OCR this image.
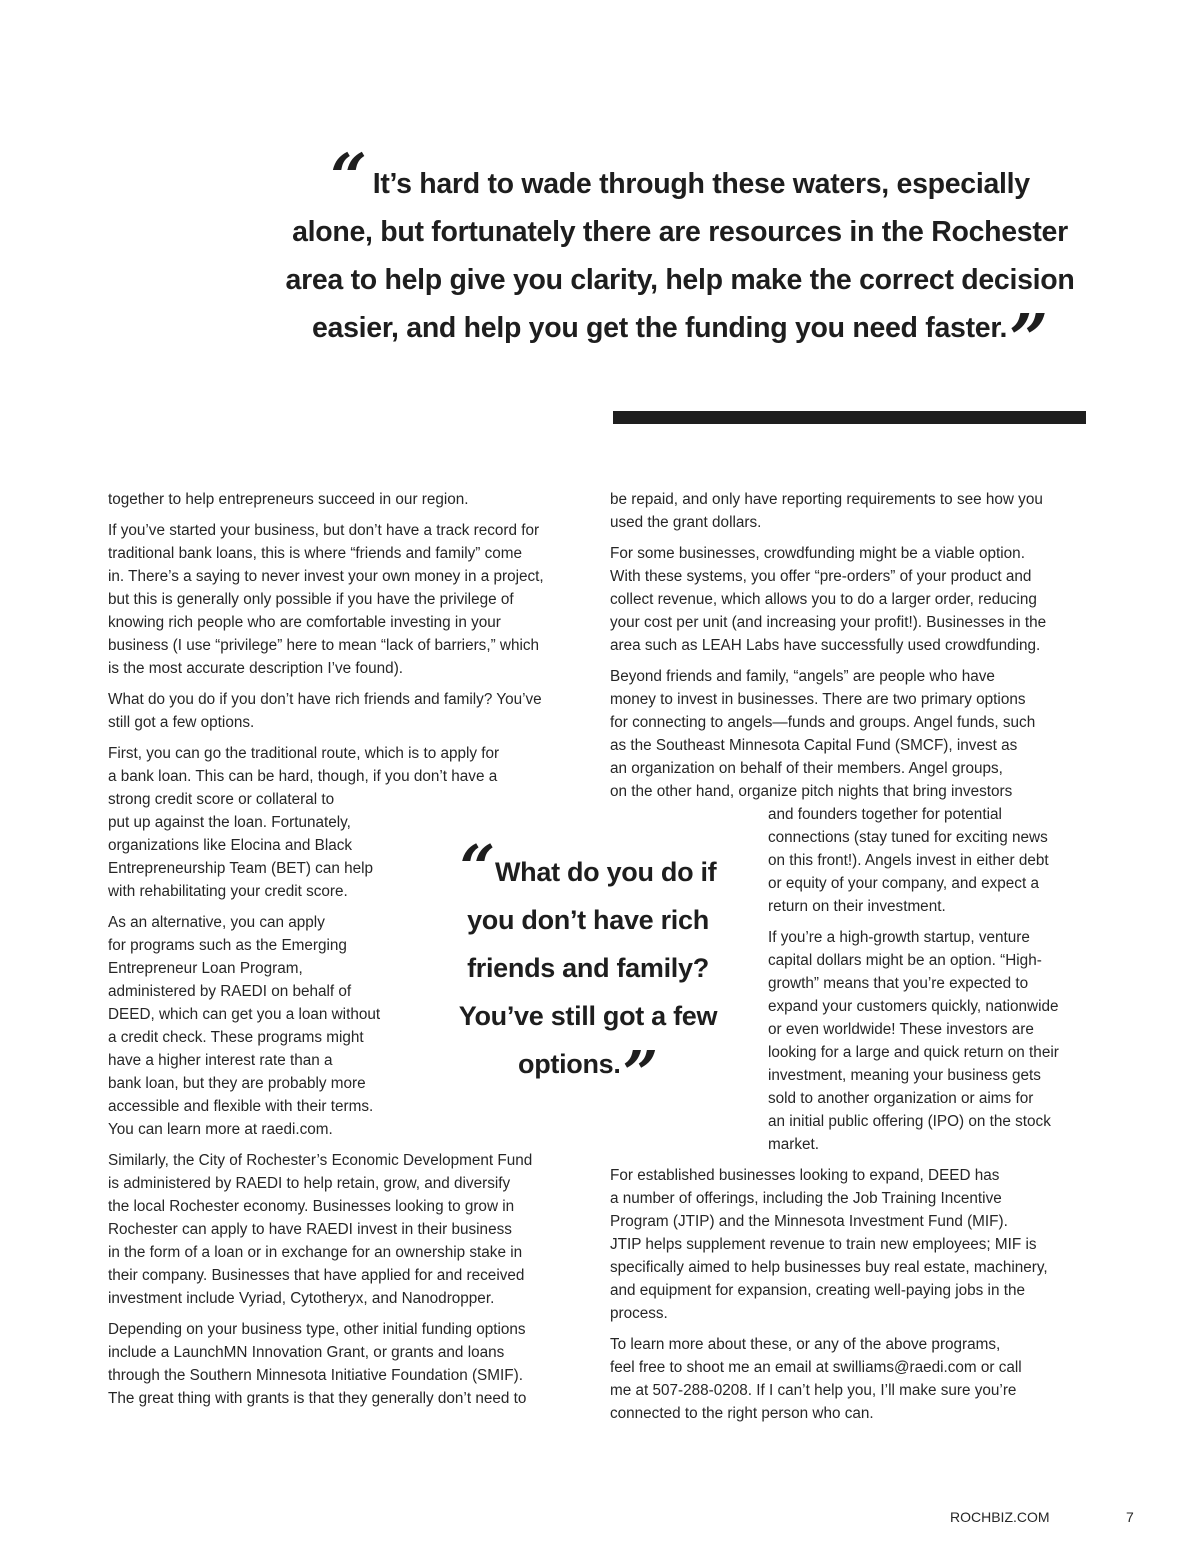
“ It’s hard to wade through these waters, especially
alone, but fortunately there are resources in the Rochester
area to help give you clarity, help make the correct decision
easier, and help you get the funding you need faster.”

together to help entrepreneurs succeed in our region.

If you’ve started your business, but don’t have a track record for
traditional bank loans, this is where “friends and family” come
in. There’s a saying to never invest your own money in a project,
but this is generally only possible if you have the privilege of
knowing rich people who are comfortable investing in your
business (I use “privilege” here to mean “lack of barriers,” which
is the most accurate description I’ve found).

What do you do if you don’t have rich friends and family? You’ve
still got a few options.

First, you can go the traditional route, which is to apply for
a bank loan. This can be hard, though, if you don’t have a
strong credit score or collateral to
put up against the loan. Fortunately,
organizations like Elocina and Black
Entrepreneurship Team (BET) can help
with rehabilitating your credit score.

As an alternative, you can apply
for programs such as the Emerging
Entrepreneur Loan Program,
administered by RAEDI on behalf of
DEED, which can get you a loan without
a credit check. These programs might
have a higher interest rate than a
bank loan, but they are probably more
accessible and flexible with their terms.
You can learn more at raedi.com.

Similarly, the City of Rochester’s Economic Development Fund
is administered by RAEDI to help retain, grow, and diversify
the local Rochester economy. Businesses looking to grow in
Rochester can apply to have RAEDI invest in their business
in the form of a loan or in exchange for an ownership stake in
their company. Businesses that have applied for and received
investment include Vyriad, Cytotheryx, and Nanodropper.

Depending on your business type, other initial funding options
include a LaunchMN Innovation Grant, or grants and loans
through the Southern Minnesota Initiative Foundation (SMIF).
The great thing with grants is that they generally don’t need to

be repaid, and only have reporting requirements to see how you
used the grant dollars.

For some businesses, crowdfunding might be a viable option.
With these systems, you offer “pre-orders” of your product and
collect revenue, which allows you to do a larger order, reducing
your cost per unit (and increasing your profit!). Businesses in the
area such as LEAH Labs have successfully used crowdfunding.

Beyond friends and family, “angels” are people who have
money to invest in businesses. There are two primary options
for connecting to angels—funds and groups. Angel funds, such
as the Southeast Minnesota Capital Fund (SMCF), invest as
an organization on behalf of their members. Angel groups,
on the other hand, organize pitch nights that bring investors

and founders together for potential
connections (stay tuned for exciting news
on this front!). Angels invest in either debt
or equity of your company, and expect a
return on their investment.

If you’re a high-growth startup, venture
capital dollars might be an option. “High-
growth” means that you’re expected to
expand your customers quickly, nationwide
or even worldwide! These investors are
looking for a large and quick return on their
investment, meaning your business gets
sold to another organization or aims for
an initial public offering (IPO) on the stock
market.

For established businesses looking to expand, DEED has
a number of offerings, including the Job Training Incentive
Program (JTIP) and the Minnesota Investment Fund (MIF).
JTIP helps supplement revenue to train new employees; MIF is
specifically aimed to help businesses buy real estate, machinery,
and equipment for expansion, creating well-paying jobs in the
process.

To learn more about these, or any of the above programs,
feel free to shoot me an email at swilliams@raedi.com or call
me at 507-288-0208. If I can’t help you, I’ll make sure you’re
connected to the right person who can.

“What do you do if
you don’t have rich
friends and family?
You’ve still got a few
options.”

ROCHBIZ.COM	7
